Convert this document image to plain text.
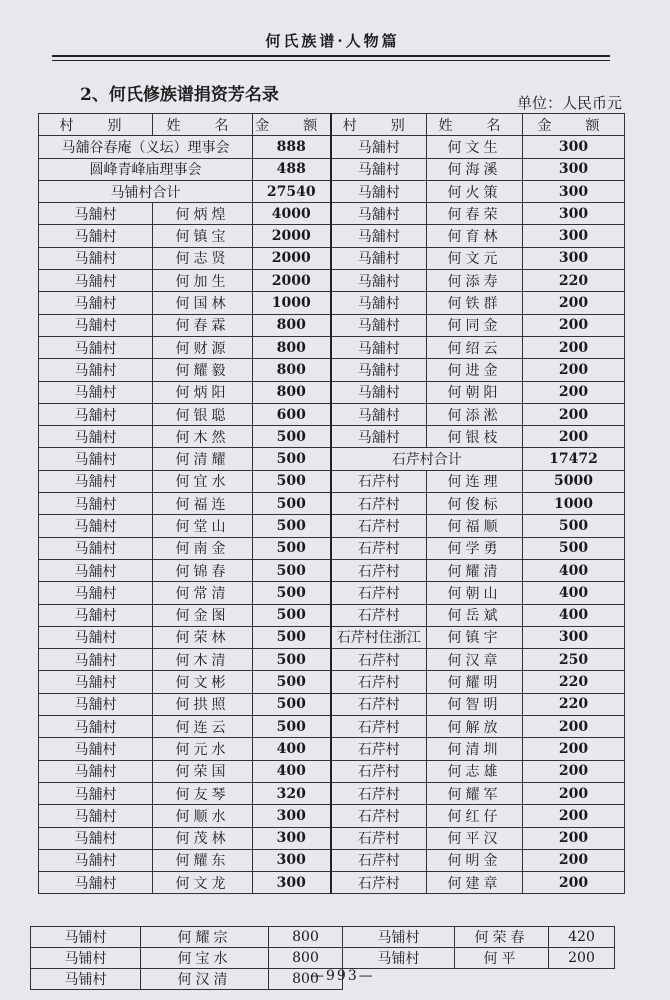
何氏族谱·人物篇
2、何氏修族谱捐资芳名录	单位：人民币元
村　别	姓　名	金　额	村　别	姓　名	金　额
马舖谷春庵（义坛）理事会		888	马舖村	何文生	300
圆峰青峰庙理事会		488	马舖村	何海溪	300
马铺村合计		27540	马舖村	何火策	300
马舖村	何炳煌	4000	马舖村	何春荣	300
马舖村	何镇宝	2000	马舖村	何育林	300
马舖村	何志贤	2000	马舖村	何文元	300
马舖村	何加生	2000	马舖村	何添寿	220
马舖村	何国林	1000	马舖村	何铁群	200
马舖村	何春霖	800	马舖村	何同金	200
马舖村	何财源	800	马舖村	何绍云	200
马舖村	何耀毅	800	马舖村	何进金	200
马舖村	何炳阳	800	马舖村	何朝阳	200
马舖村	何银聪	600	马舖村	何添淞	200
马舖村	何木然	500	马舖村	何银枝	200
马舖村	何清耀	500	石芹村合计		17472
马舖村	何宜水	500	石芹村	何连理	5000
马舖村	何福连	500	石芹村	何俊标	1000
马舖村	何堂山	500	石芹村	何福顺	500
马舖村	何南金	500	石芹村	何学勇	500
马舖村	何锦春	500	石芹村	何耀清	400
马舖村	何常清	500	石芹村	何朝山	400
马舖村	何金图	500	石芹村	何岳斌	400
马舖村	何荣林	500	石芹村住浙江	何镇宇	300
马舖村	何木清	500	石芹村	何汉章	250
马舖村	何文彬	500	石芹村	何耀明	220
马舖村	何拱照	500	石芹村	何智明	220
马舖村	何连云	500	石芹村	何解放	200
马舖村	何元水	400	石芹村	何清圳	200
马舖村	何荣国	400	石芹村	何志雄	200
马舖村	何友琴	320	石芹村	何耀军	200
马舖村	何顺水	300	石芹村	何红仔	200
马舖村	何茂林	300	石芹村	何平汉	200
马舖村	何耀东	300	石芹村	何明金	200
马舖村	何文龙	300	石芹村	何建章	200
马铺村	何耀宗	800	马铺村	何荣春	420
马铺村	何宝水	800	马铺村	何平	200
马铺村	何汉清	800			
—993—
